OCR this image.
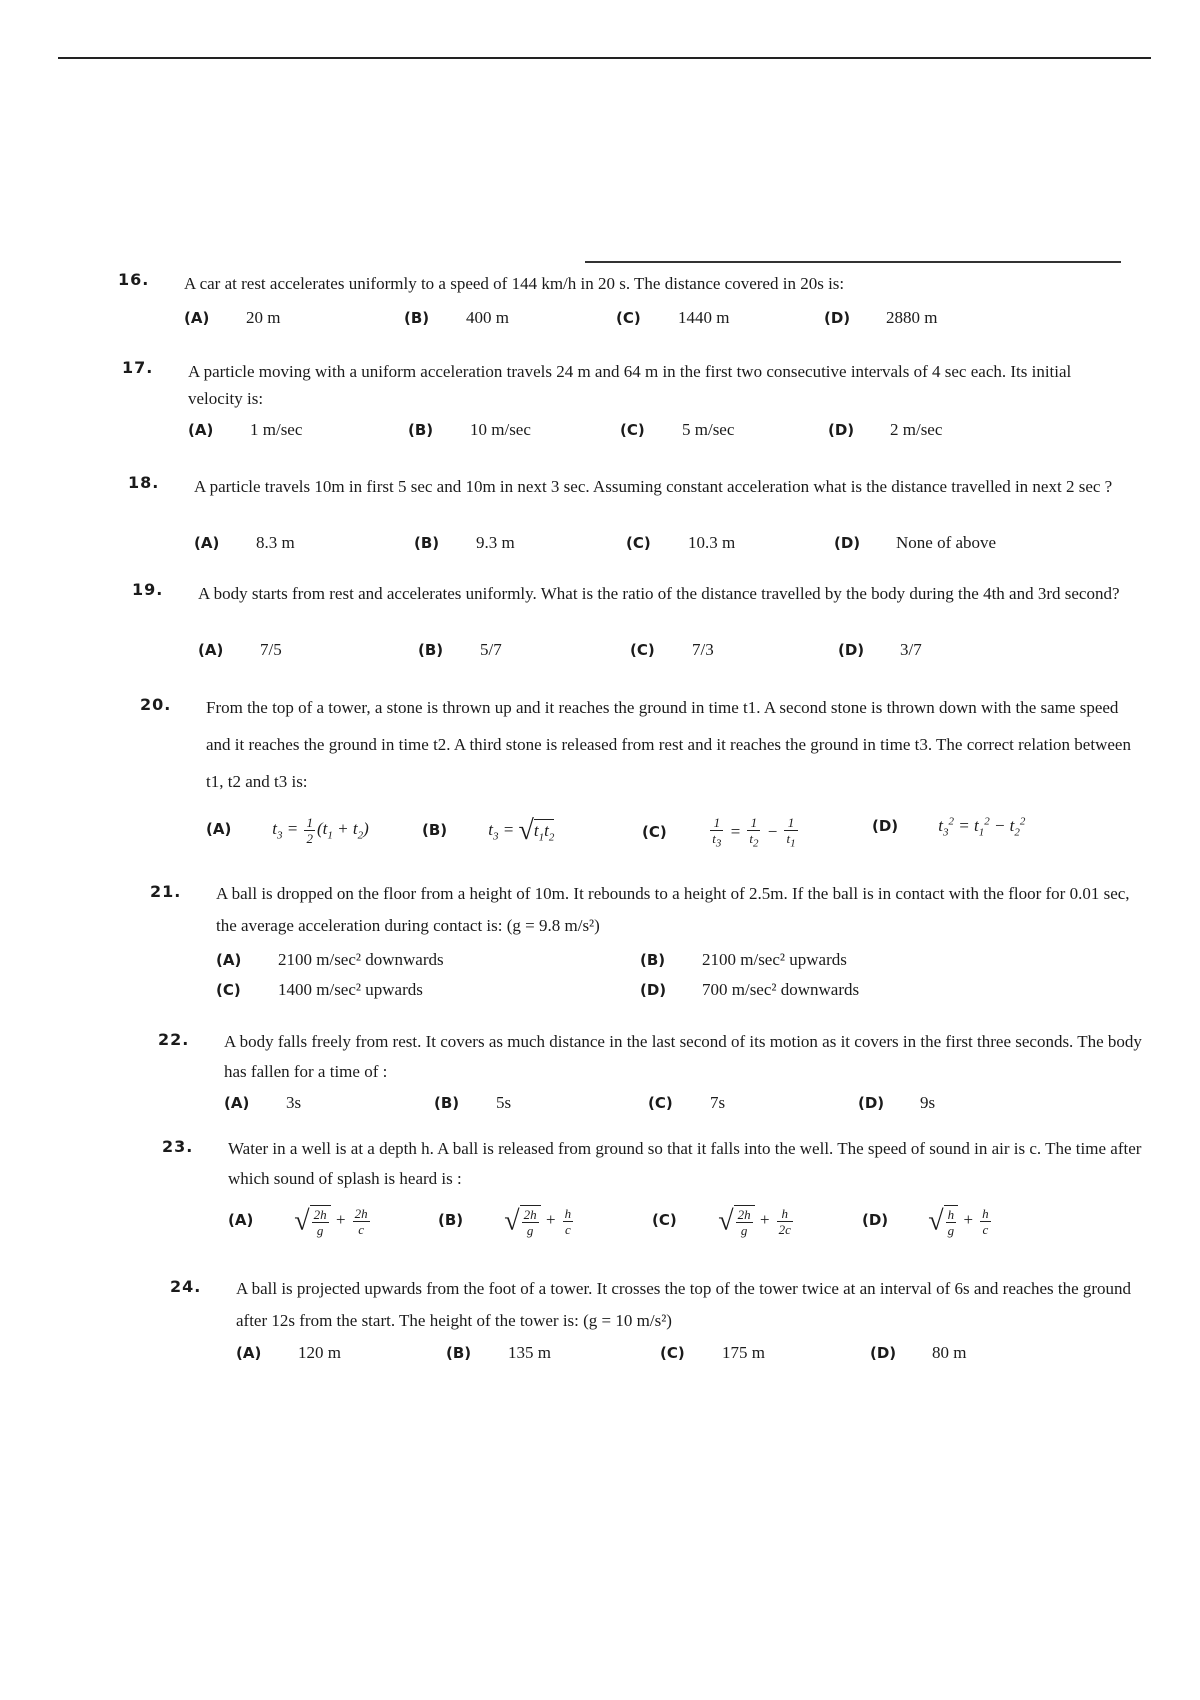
16. A car at rest accelerates uniformly to a speed of 144 km/h in 20 s. The distance covered in 20s is:
(A) 20 m	(B) 400 m	(C) 1440 m	(D) 2880 m
17. A particle moving with a uniform acceleration travels 24 m and 64 m in the first two consecutive intervals of 4 sec each. Its initial velocity is:
(A) 1 m/sec	(B) 10 m/sec	(C) 5 m/sec	(D) 2 m/sec
18. A particle travels 10m in first 5 sec and 10m in next 3 sec. Assuming constant acceleration what is the distance travelled in next 2 sec ?
(A) 8.3 m	(B) 9.3 m	(C) 10.3 m	(D) None of above
19. A body starts from rest and accelerates uniformly. What is the ratio of the distance travelled by the body during the 4th and 3rd second?
(A) 7/5	(B) 5/7	(C) 7/3	(D) 3/7
20. From the top of a tower, a stone is thrown up and it reaches the ground in time t1. A second stone is thrown down with the same speed and it reaches the ground in time t2. A third stone is released from rest and it reaches the ground in time t3. The correct relation between t1, t2 and t3 is:
(A) $t_3 = \frac{1}{2} (t_1 + t_2)$	(B) $t_3 = √t_1t_2$	(C)	$\frac{1}{t_3} = \frac{1}{t_2} - \frac{1}{t_1}$	(D) $t_3^2 = t_1^2 - t_2^2$
21. A ball is dropped on the floor from a height of 10m. It rebounds to a height of 2.5m. If the ball is in contact with the floor for 0.01 sec, the average acceleration during contact is: (g = 9.8 m/s²)
(A) 2100 m/sec² downwards	(B) 2100 m/sec² upwards
(C) 1400 m/sec² upwards	(D) 700 m/sec² downwards
22. A body falls freely from rest. It covers as much distance in the last second of its motion as it covers in the first three seconds. The body has fallen for a time of :
(A) 3s	(B) 5s	(C) 7s	(D) 9s
23. Water in a well is at a depth h. A ball is released from ground so that it falls into the well. The speed of sound in air is c. The time after which sound of splash is heard is :
(A) √ $\frac{2h}{g} + \frac{2h}{c}$	(B) √ $\frac{2h}{g} + \frac{h}{c}$	(C) √ $\frac{2h}{g} + \frac{h}{2c}$	(D) √ $\frac{h}{g} + \frac{h}{c}$
24. A ball is projected upwards from the foot of a tower. It crosses the top of the tower twice at an interval of 6s and reaches the ground after 12s from the start. The height of the tower is: (g = 10 m/s²)
(A) 120 m	(B) 135 m	(C) 175 m	(D) 80 m
